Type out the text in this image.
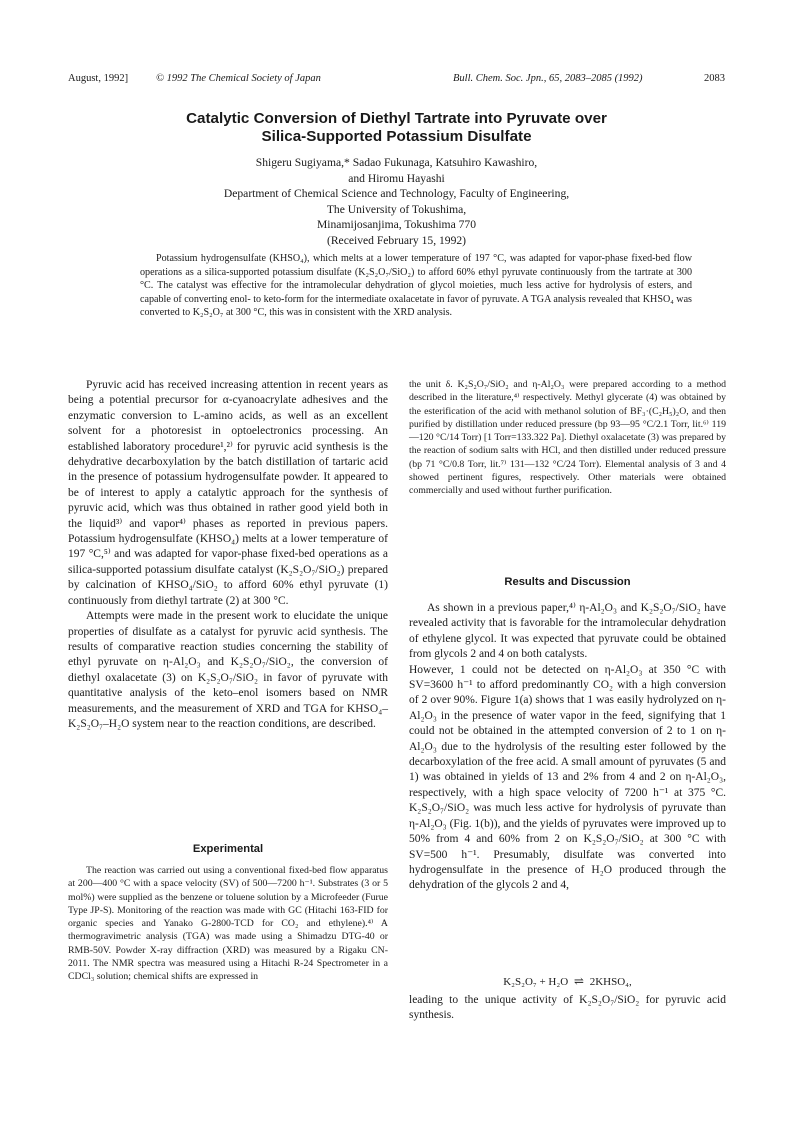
August, 1992]	© 1992 The Chemical Society of Japan	Bull. Chem. Soc. Jpn., 65, 2083–2085 (1992)	2083
Catalytic Conversion of Diethyl Tartrate into Pyruvate over
Silica-Supported Potassium Disulfate
Shigeru Sugiyama,* Sadao Fukunaga, Katsuhiro Kawashiro,
and Hiromu Hayashi
Department of Chemical Science and Technology, Faculty of Engineering,
The University of Tokushima,
Minamijosanjima, Tokushima 770
(Received February 15, 1992)

Potassium hydrogensulfate (KHSO₄), which melts at a lower temperature of 197 °C, was adapted for vapor-phase fixed-bed flow operations as a silica-supported potassium disulfate (K₂S₂O₇/SiO₂) to afford 60% ethyl pyruvate continuously from the tartrate at 300 °C. The catalyst was effective for the intramolecular dehydration of glycol moieties, much less active for hydrolysis of esters, and capable of converting enol- to keto-form for the intermediate oxalacetate in favor of pyruvate. A TGA analysis revealed that KHSO₄ was converted to K₂S₂O₇ at 300 °C, this was in consistent with the XRD analysis.

Pyruvic acid has received increasing attention in recent years as being a potential precursor for α-cyanoacrylate adhesives and the enzymatic conversion to L-amino acids, as well as an excellent solvent for a photoresist in optoelectronics processing. An established laboratory procedure¹,²⁾ for pyruvic acid synthesis is the dehydrative decarboxylation by the batch distillation of tartaric acid in the presence of potassium hydrogensulfate powder. It appeared to be of interest to apply a catalytic approach for the synthesis of pyruvic acid, which was thus obtained in rather good yield both in the liquid³⁾ and vapor⁴⁾ phases as reported in previous papers. Potassium hydrogensulfate (KHSO₄) melts at a lower temperature of 197 °C,⁵⁾ and was adapted for vapor-phase fixed-bed operations as a silica-supported potassium disulfate catalyst (K₂S₂O₇/SiO₂) prepared by calcination of KHSO₄/SiO₂ to afford 60% ethyl pyruvate (1) continuously from diethyl tartrate (2) at 300 °C.

Attempts were made in the present work to elucidate the unique properties of disulfate as a catalyst for pyruvic acid synthesis. The results of comparative reaction studies concerning the stability of ethyl pyruvate on η-Al₂O₃ and K₂S₂O₇/SiO₂, the conversion of diethyl oxalacetate (3) on K₂S₂O₇/SiO₂ in favor of pyruvate with quantitative analysis of the keto–enol isomers based on NMR measurements, and the measurement of XRD and TGA for KHSO₄–K₂S₂O₇–H₂O system near to the reaction conditions, are described.

Experimental

The reaction was carried out using a conventional fixed-bed flow apparatus at 200—400 °C with a space velocity (SV) of 500—7200 h⁻¹. Substrates (3 or 5 mol%) were supplied as the benzene or toluene solution by a Microfeeder (Furue Type JP-S). Monitoring of the reaction was made with GC (Hitachi 163-FID for organic species and Yanako G-2800-TCD for CO₂ and ethylene).⁴⁾ A thermogravimetric analysis (TGA) was made using a Shimadzu DTG-40 or RMB-50V. Powder X-ray diffraction (XRD) was measured by a Rigaku CN-2011. The NMR spectra was measured using a Hitachi R-24 Spectrometer in a CDCl₃ solution; chemical shifts are expressed in

the unit δ. K₂S₂O₇/SiO₂ and η-Al₂O₃ were prepared according to a method described in the literature,⁴⁾ respectively. Methyl glycerate (4) was obtained by the esterification of the acid with methanol solution of BF₃·(C₂H₅)₂O, and then purified by distillation under reduced pressure (bp 93—95 °C/2.1 Torr, lit.⁶⁾ 119—120 °C/14 Torr) [1 Torr=133.322 Pa]. Diethyl oxalacetate (3) was prepared by the reaction of sodium salts with HCl, and then distilled under reduced pressure (bp 71 °C/0.8 Torr, lit.⁷⁾ 131—132 °C/24 Torr). Elemental analysis of 3 and 4 showed pertinent figures, respectively. Other materials were obtained commercially and used without further purification.

Results and Discussion

As shown in a previous paper,⁴⁾ η-Al₂O₃ and K₂S₂O₇/SiO₂ have revealed activity that is favorable for the intramolecular dehydration of ethylene glycol. It was expected that pyruvate could be obtained from glycols 2 and 4 on both catalysts.

However, 1 could not be detected on η-Al₂O₃ at 350 °C with SV=3600 h⁻¹ to afford predominantly CO₂ with a high conversion of 2 over 90%. Figure 1(a) shows that 1 was easily hydrolyzed on η-Al₂O₃ in the presence of water vapor in the feed, signifying that 1 could not be obtained in the attempted conversion of 2 to 1 on η-Al₂O₃ due to the hydrolysis of the resulting ester followed by the decarboxylation of the free acid. A small amount of pyruvates (5 and 1) was obtained in yields of 13 and 2% from 4 and 2 on η-Al₂O₃, respectively, with a high space velocity of 7200 h⁻¹ at 375 °C. K₂S₂O₇/SiO₂ was much less active for hydrolysis of pyruvate than η-Al₂O₃ (Fig. 1(b)), and the yields of pyruvates were improved up to 50% from 4 and 60% from 2 on K₂S₂O₇/SiO₂ at 300 °C with SV=500 h⁻¹. Presumably, disulfate was converted into hydrogensulfate in the presence of H₂O produced through the dehydration of the glycols 2 and 4,

K₂S₂O₇ + H₂O ⇌ 2KHSO₄,

leading to the unique activity of K₂S₂O₇/SiO₂ for pyruvic acid synthesis.
